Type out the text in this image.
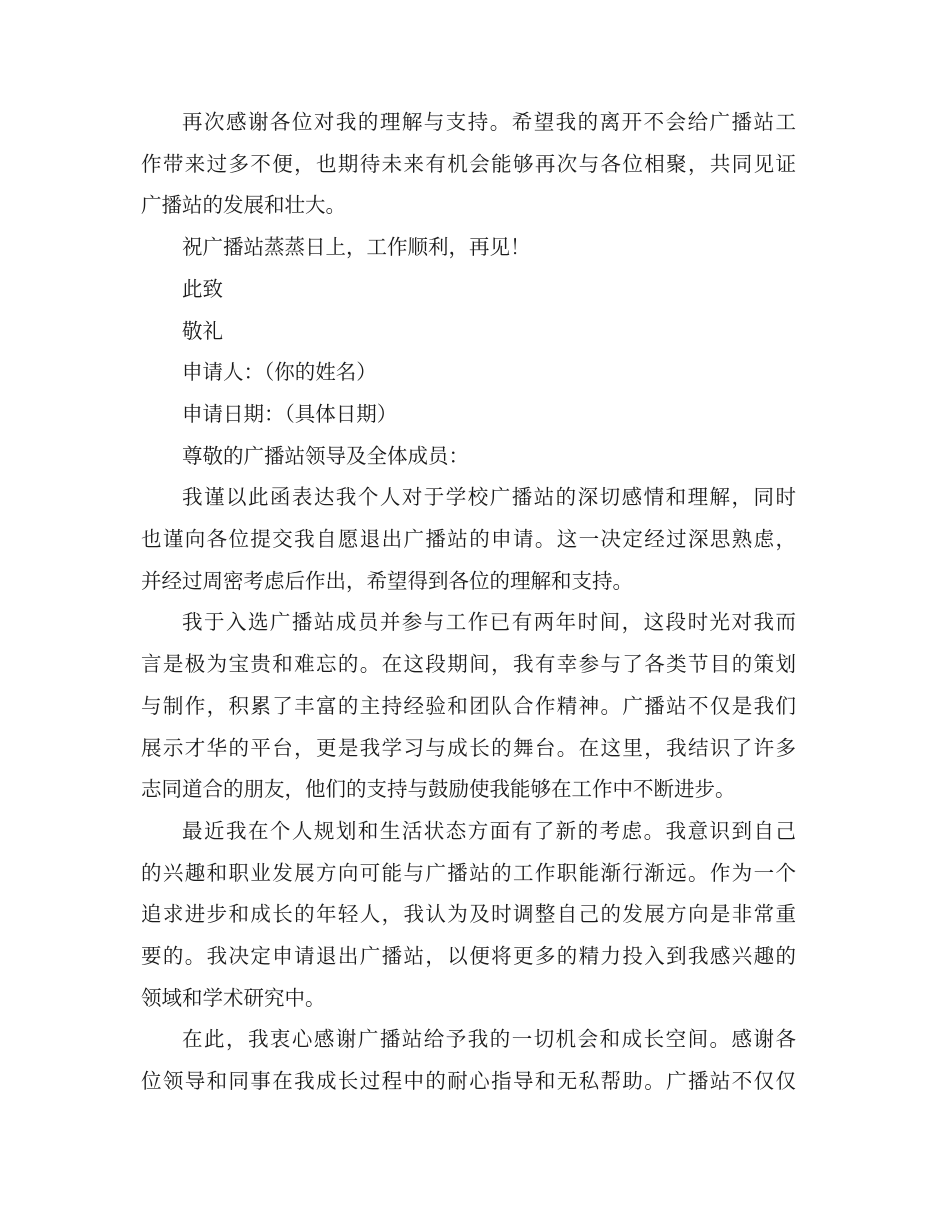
再次感谢各位对我的理解与支持。希望我的离开不会给广播站工
作带来过多不便，也期待未来有机会能够再次与各位相聚，共同见证
广播站的发展和壮大。
祝广播站蒸蒸日上，工作顺利，再见！
此致
敬礼
申请人：（你的姓名）
申请日期：（具体日期）
尊敬的广播站领导及全体成员：
我谨以此函表达我个人对于学校广播站的深切感情和理解，同时
也谨向各位提交我自愿退出广播站的申请。这一决定经过深思熟虑，
并经过周密考虑后作出，希望得到各位的理解和支持。
我于入选广播站成员并参与工作已有两年时间，这段时光对我而
言是极为宝贵和难忘的。在这段期间，我有幸参与了各类节目的策划
与制作，积累了丰富的主持经验和团队合作精神。广播站不仅是我们
展示才华的平台，更是我学习与成长的舞台。在这里，我结识了许多
志同道合的朋友，他们的支持与鼓励使我能够在工作中不断进步。
最近我在个人规划和生活状态方面有了新的考虑。我意识到自己
的兴趣和职业发展方向可能与广播站的工作职能渐行渐远。作为一个
追求进步和成长的年轻人，我认为及时调整自己的发展方向是非常重
要的。我决定申请退出广播站，以便将更多的精力投入到我感兴趣的
领域和学术研究中。
在此，我衷心感谢广播站给予我的一切机会和成长空间。感谢各
位领导和同事在我成长过程中的耐心指导和无私帮助。广播站不仅仅
